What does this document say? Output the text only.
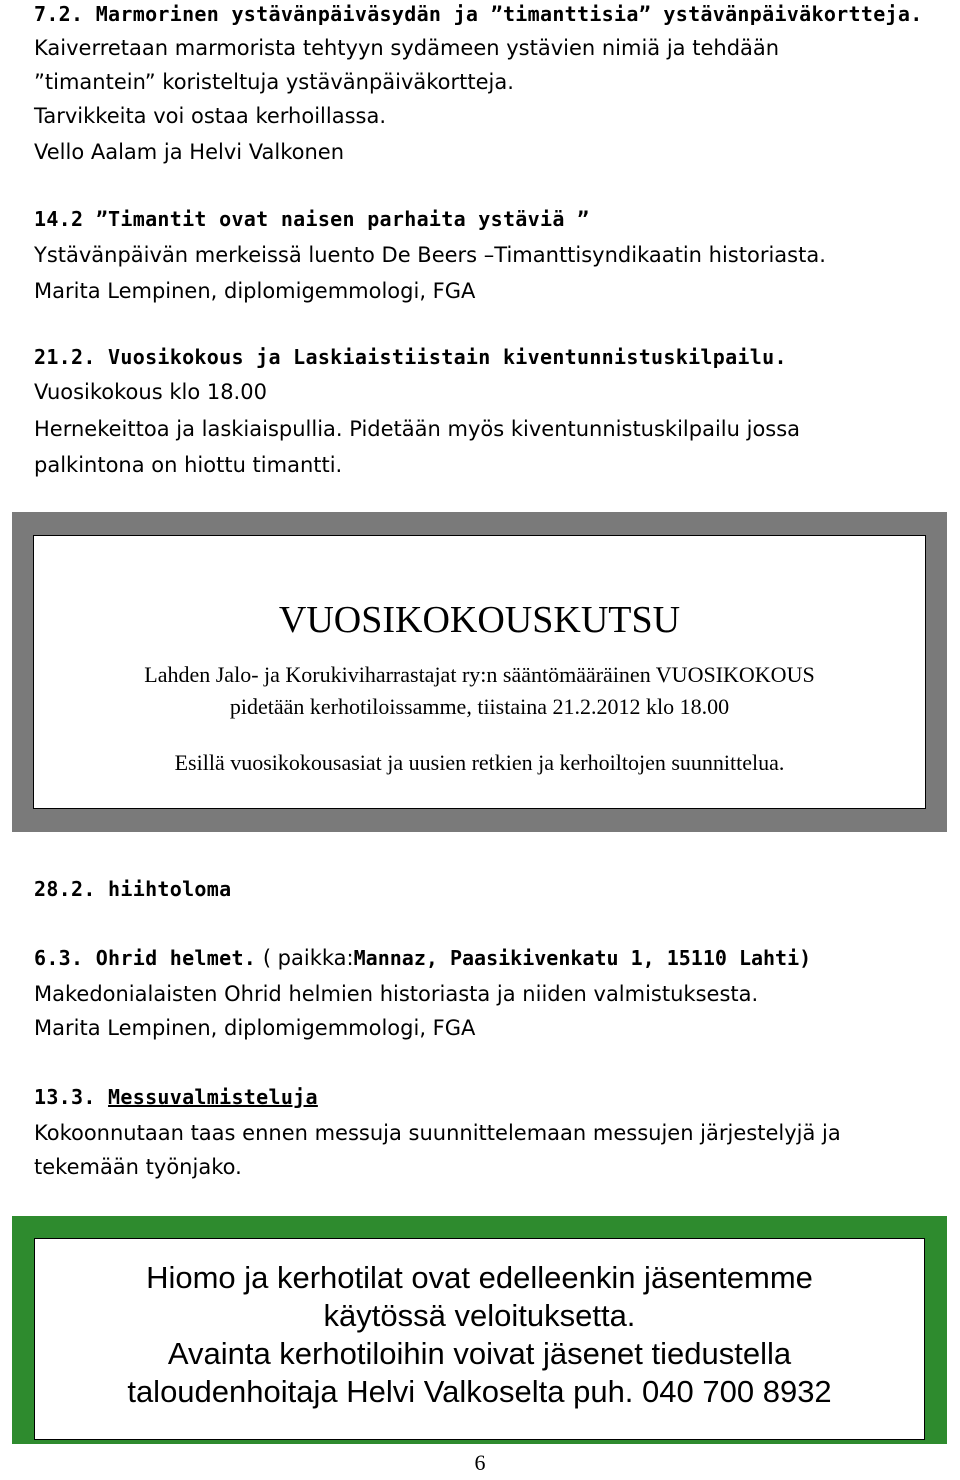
7.2. Marmorinen ystävänpäiväsydän ja ”timanttisia” ystävänpäiväkortteja.
Kaiverretaan marmorista tehtyyn sydämeen ystävien nimiä ja tehdään
”timantein” koristeltuja ystävänpäiväkortteja.
Tarvikkeita voi ostaa kerhoillassa.
Vello Aalam ja Helvi Valkonen
14.2 ”Timantit ovat naisen parhaita ystäviä ”
Ystävänpäivän merkeissä luento De Beers –Timanttisyndikaatin historiasta.
Marita Lempinen, diplomigemmologi, FGA
21.2. Vuosikokous ja Laskiaistiistain kiventunnistuskilpailu.
Vuosikokous klo 18.00
Hernekeittoa ja laskiaispullia. Pidetään myös kiventunnistuskilpailu jossa
palkintona on hiottu timantti.
VUOSIKOKOUSKUTSU
Lahden Jalo- ja Korukiviharrastajat ry:n sääntömääräinen VUOSIKOKOUS
pidetään kerhotiloissamme, tiistaina 21.2.2012 klo 18.00
Esillä vuosikokousasiat ja uusien retkien ja kerhoiltojen suunnittelua.
28.2. hiihtoloma
6.3. Ohrid helmet. ( paikka:Mannaz, Paasikivenkatu 1, 15110 Lahti)
Makedonialaisten Ohrid helmien historiasta ja niiden valmistuksesta.
Marita Lempinen, diplomigemmologi, FGA
13.3. Messuvalmisteluja
Kokoonnutaan taas ennen messuja suunnittelemaan messujen järjestelyjä ja
tekemään työnjako.
Hiomo ja kerhotilat ovat edelleenkin jäsentemme
käytössä veloituksetta.
Avainta kerhotiloihin voivat jäsenet tiedustella
taloudenhoitaja Helvi Valkoselta puh. 040 700 8932
6
